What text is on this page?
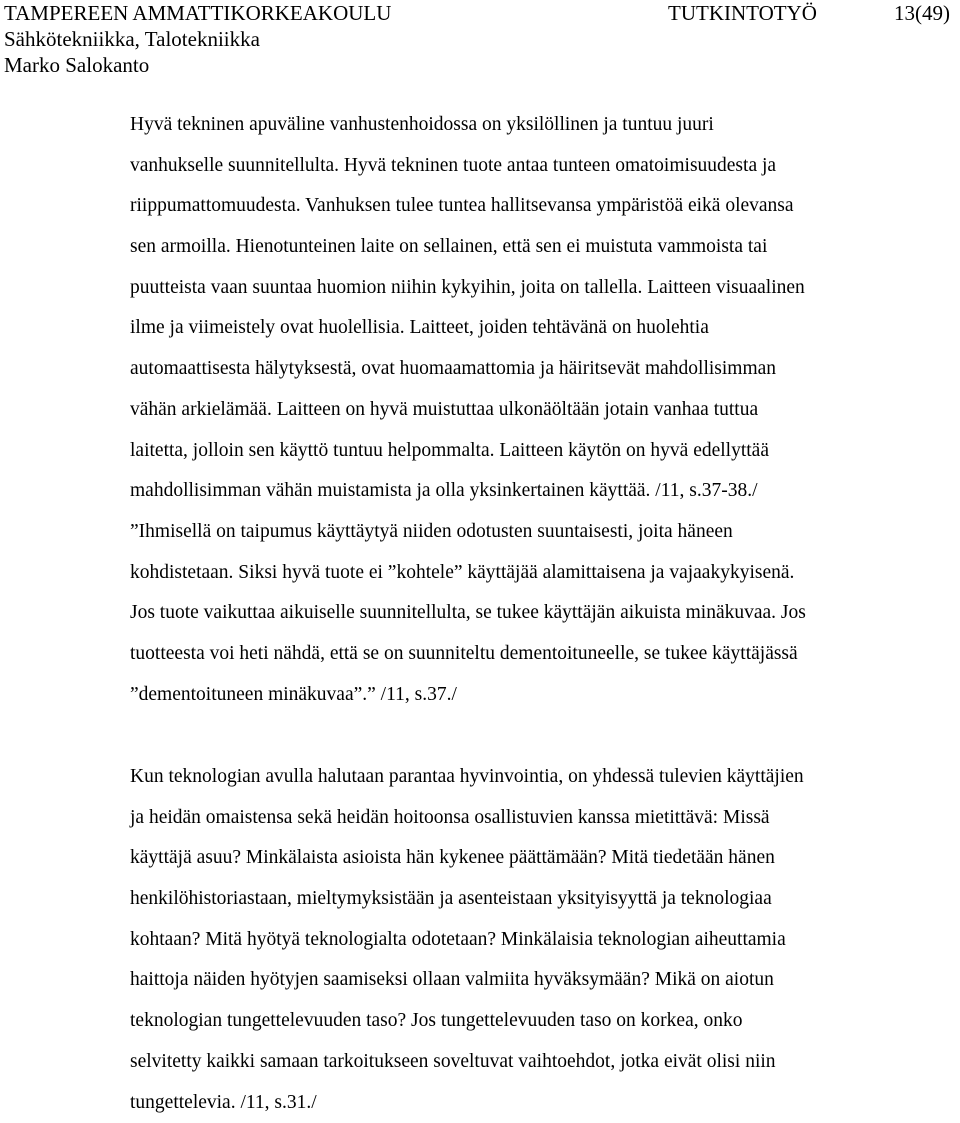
TAMPEREEN AMMATTIKORKEAKOULU	TUTKINTOTYÖ	13(49)
Sähkötekniikka, Talotekniikka
Marko Salokanto
Hyvä tekninen apuväline vanhustenhoidossa on yksilöllinen ja tuntuu juuri
vanhukselle suunnitellulta. Hyvä tekninen tuote antaa tunteen omatoimisuudesta ja
riippumattomuudesta. Vanhuksen tulee tuntea hallitsevansa ympäristöä eikä olevansa
sen armoilla. Hienotunteinen laite on sellainen, että sen ei muistuta vammoista tai
puutteista vaan suuntaa huomion niihin kykyihin, joita on tallella. Laitteen visuaalinen
ilme ja viimeistely ovat huolellisia. Laitteet, joiden tehtävänä on huolehtia
automaattisesta hälytyksestä, ovat huomaamattomia ja häiritsevät mahdollisimman
vähän arkielämää. Laitteen on hyvä muistuttaa ulkonäöltään jotain vanhaa tuttua
laitetta, jolloin sen käyttö tuntuu helpommalta. Laitteen käytön on hyvä edellyttää
mahdollisimman vähän muistamista ja olla yksinkertainen käyttää. /11, s.37-38./
”Ihmisellä on taipumus käyttäytyä niiden odotusten suuntaisesti, joita häneen
kohdistetaan. Siksi hyvä tuote ei ”kohtele” käyttäjää alamittaisena ja vajaakykyisenä.
Jos tuote vaikuttaa aikuiselle suunnitellulta, se tukee käyttäjän aikuista minäkuvaa. Jos
tuotteesta voi heti nähdä, että se on suunniteltu dementoituneelle, se tukee käyttäjässä
”dementoituneen minäkuvaa”.” /11, s.37./
Kun teknologian avulla halutaan parantaa hyvinvointia, on yhdessä tulevien käyttäjien
ja heidän omaistensa sekä heidän hoitoonsa osallistuvien kanssa mietittävä: Missä
käyttäjä asuu? Minkälaista asioista hän kykenee päättämään? Mitä tiedetään hänen
henkilöhistoriastaan, mieltymyksistään ja asenteistaan yksityisyyttä ja teknologiaa
kohtaan? Mitä hyötyä teknologialta odotetaan? Minkälaisia teknologian aiheuttamia
haittoja näiden hyötyjen saamiseksi ollaan valmiita hyväksymään? Mikä on aiotun
teknologian tungettelevuuden taso? Jos tungettelevuuden taso on korkea, onko
selvitetty kaikki samaan tarkoitukseen soveltuvat vaihtoehdot, jotka eivät olisi niin
tungettelevia. /11, s.31./
